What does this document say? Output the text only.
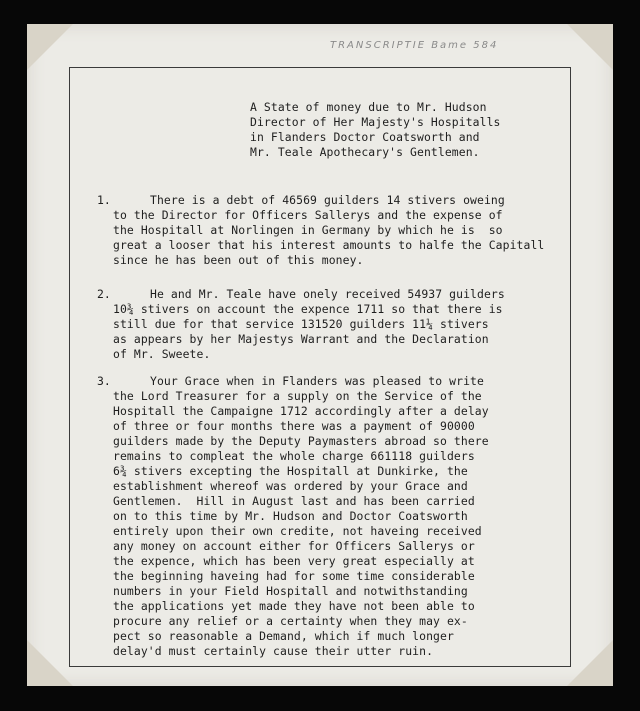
TRANSCRIPTIE Bame 584
A State of money due to Mr. Hudson
Director of Her Majesty's Hospitalls
in Flanders Doctor Coatsworth and
Mr. Teale Apothecary's Gentlemen.
1.	There is a debt of 46569 guilders 14 stivers oweing
to the Director for Officers Sallerys and the expense of
the Hospitall at Norlingen in Germany by which he is  so
great a looser that his interest amounts to halfe the Capitall
since he has been out of this money.
2.	He and Mr. Teale have onely received 54937 guilders
10¾ stivers on account the expence 1711 so that there is
still due for that service 131520 guilders 11¼ stivers
as appears by her Majestys Warrant and the Declaration
of Mr. Sweete.
3.	Your Grace when in Flanders was pleased to write
the Lord Treasurer for a supply on the Service of the
Hospitall the Campaigne 1712 accordingly after a delay
of three or four months there was a payment of 90000
guilders made by the Deputy Paymasters abroad so there
remains to compleat the whole charge 661118 guilders
6¾ stivers excepting the Hospitall at Dunkirke, the
establishment whereof was ordered by your Grace and
Gentlemen.  Hill in August last and has been carried
on to this time by Mr. Hudson and Doctor Coatsworth
entirely upon their own credite, not haveing received
any money on account either for Officers Sallerys or
the expence, which has been very great especially at
the beginning haveing had for some time considerable
numbers in your Field Hospitall and notwithstanding
the applications yet made they have not been able to
procure any relief or a certainty when they may ex-
pect so reasonable a Demand, which if much longer
delay'd must certainly cause their utter ruin.
